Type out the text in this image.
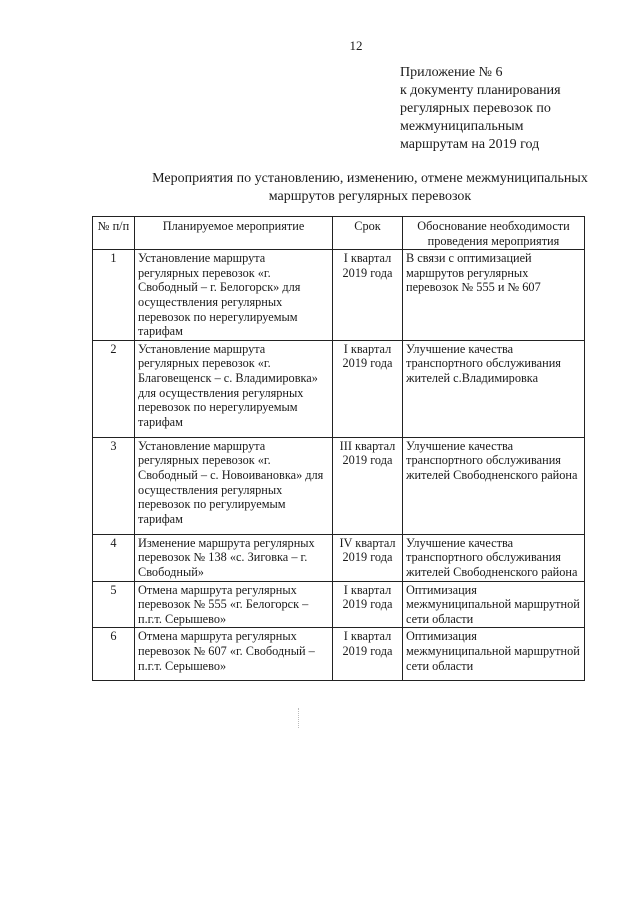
12
Приложение № 6
к документу планирования
регулярных перевозок по
межмуниципальным
маршрутам на 2019 год
Мероприятия по установлению, изменению, отмене межмуниципальных
маршрутов регулярных перевозок
№ п/п	Планируемое мероприятие	Срок	Обоснование необходимости проведения мероприятия
1	Установление маршрута регулярных перевозок «г. Свободный – г. Белогорск» для осуществления регулярных перевозок по нерегулируемым тарифам	I квартал 2019 года	В связи с оптимизацией маршрутов регулярных перевозок № 555 и № 607
2	Установление маршрута регулярных перевозок «г. Благовещенск – с. Владимировка» для осуществления регулярных перевозок по нерегулируемым тарифам	I квартал 2019 года	Улучшение качества транспортного обслуживания жителей с.Владимировка
3	Установление маршрута регулярных перевозок «г. Свободный – с. Новоивановка» для осуществления регулярных перевозок по регулируемым тарифам	III квартал 2019 года	Улучшение качества транспортного обслуживания жителей Свободненского района
4	Изменение маршрута регулярных перевозок № 138 «с. Зиговка – г. Свободный»	IV квартал 2019 года	Улучшение качества транспортного обслуживания жителей Свободненского района
5	Отмена маршрута регулярных перевозок № 555 «г. Белогорск – п.г.т. Серышево»	I квартал 2019 года	Оптимизация межмуниципальной маршрутной сети области
6	Отмена маршрута регулярных перевозок № 607 «г. Свободный – п.г.т. Серышево»	I квартал 2019 года	Оптимизация межмуниципальной маршрутной сети области
